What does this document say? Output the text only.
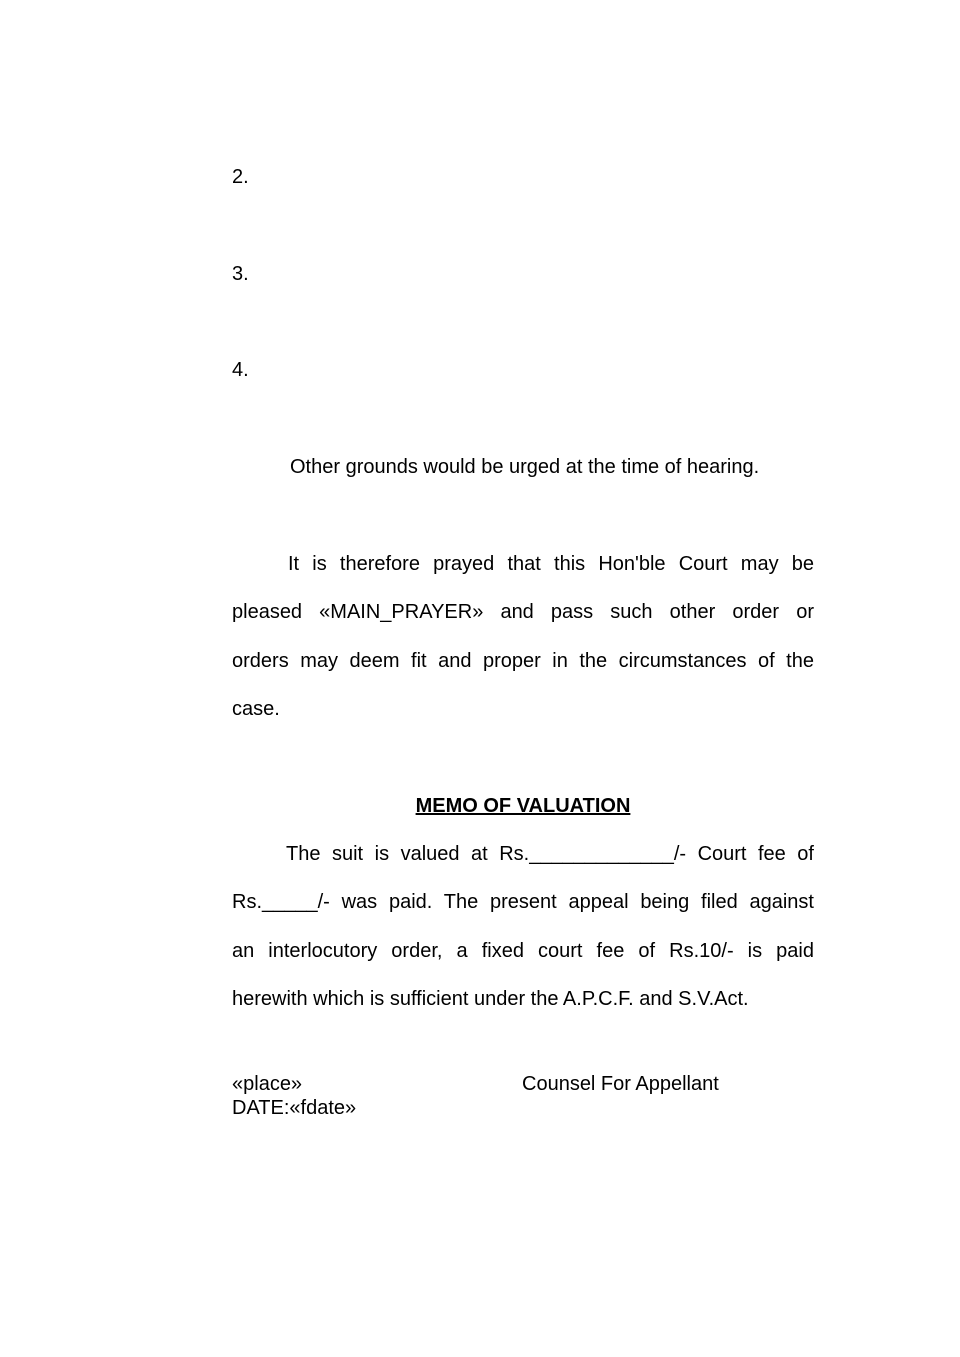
2.
3.
4.
Other grounds would be urged at the time of hearing.
It is therefore prayed that this Hon'ble Court may be
pleased «MAIN_PRAYER» and pass such other order or
orders may deem fit and proper in the circumstances of the
case.
MEMO OF VALUATION
The suit is valued at Rs._____________/- Court fee of
Rs._____/- was paid. The present appeal being filed against
an interlocutory order, a fixed court fee of Rs.10/- is paid
herewith which is sufficient under the A.P.C.F. and S.V.Act.
«place»	Counsel For Appellant
DATE:«fdate»
